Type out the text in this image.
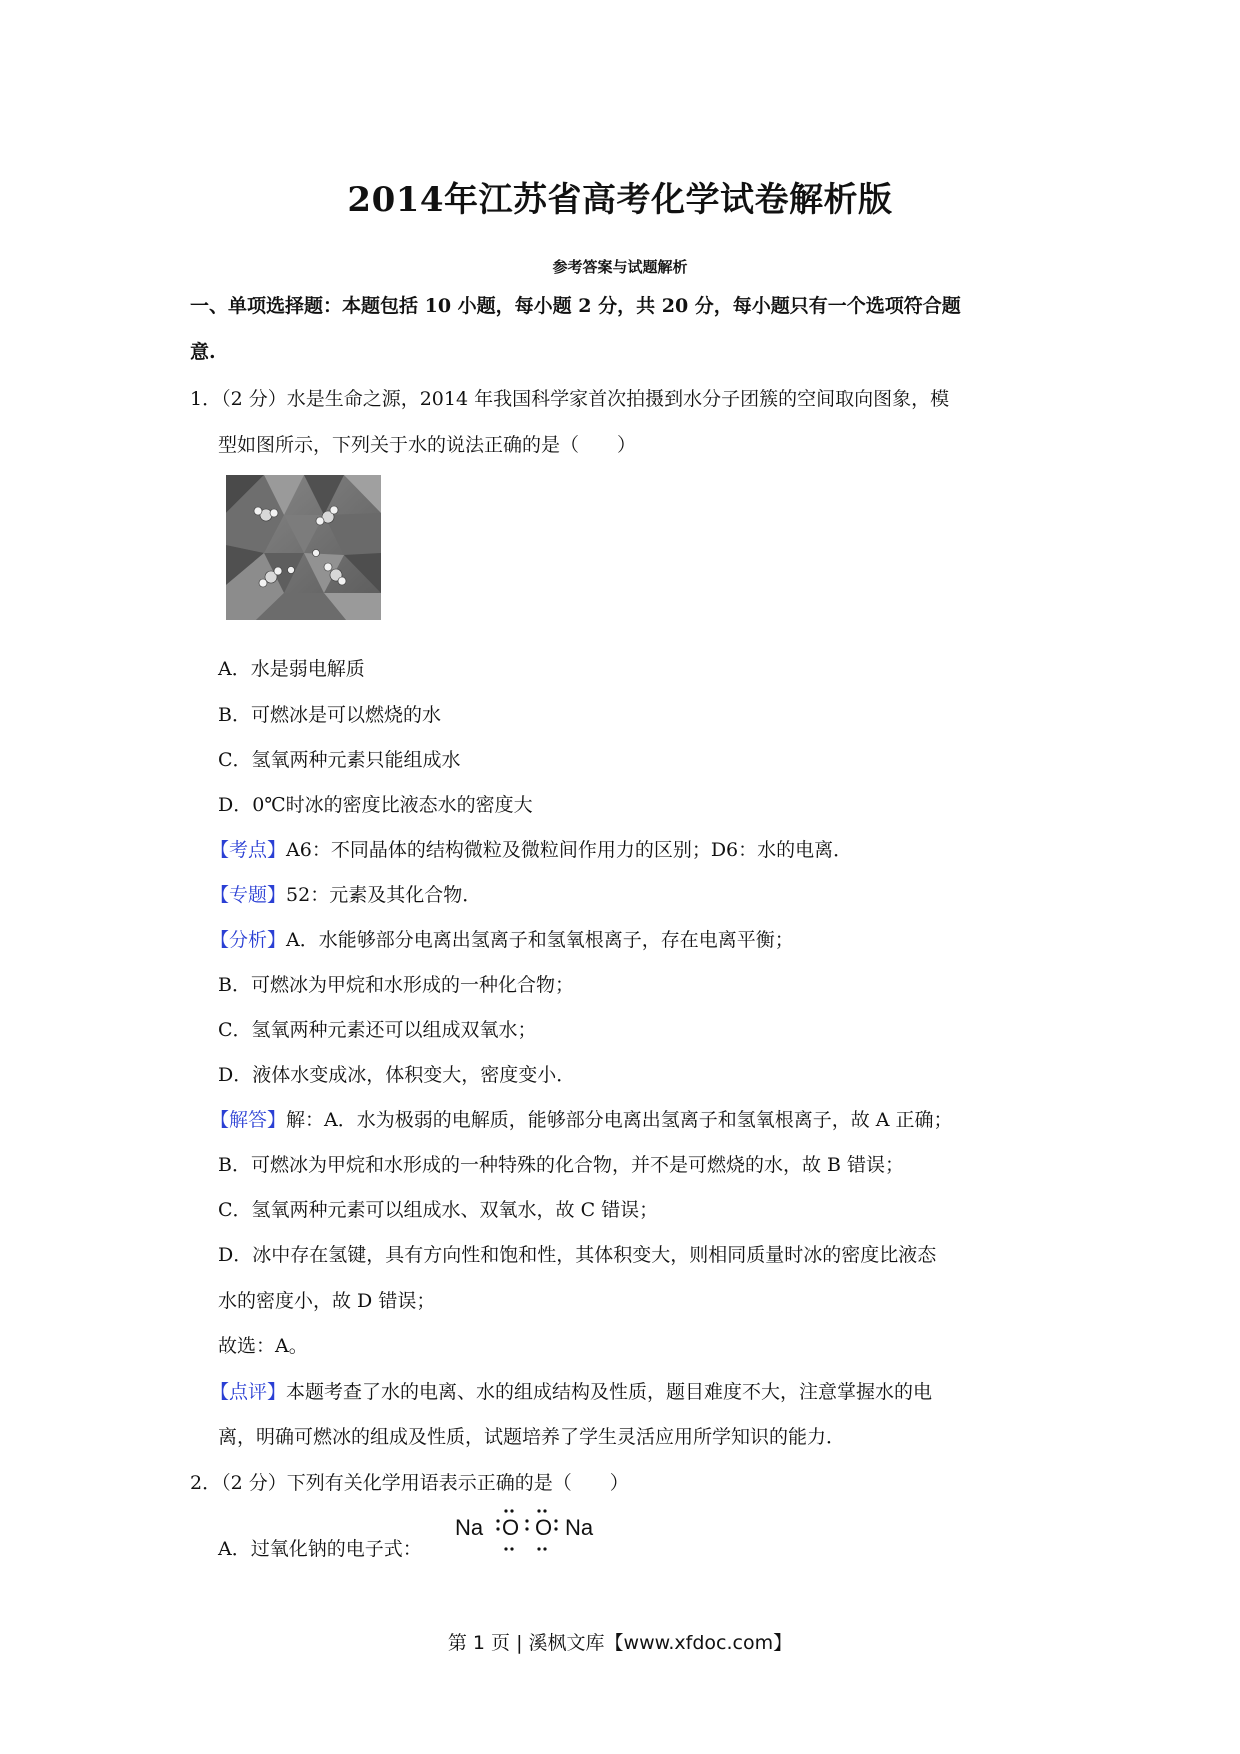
2014年江苏省高考化学试卷解析版
参考答案与试题解析
一、单项选择题：本题包括 10 小题，每小题 2 分，共 20 分，每小题只有一个选项符合题
意.
1．（2 分）水是生命之源，2014 年我国科学家首次拍摄到水分子团簇的空间取向图象，模
型如图所示，下列关于水的说法正确的是（　　）
A．水是弱电解质
B．可燃冰是可以燃烧的水
C．氢氧两种元素只能组成水
D．0℃时冰的密度比液态水的密度大
【考点】A6：不同晶体的结构微粒及微粒间作用力的区别；D6：水的电离．
【专题】52：元素及其化合物．
【分析】A．水能够部分电离出氢离子和氢氧根离子，存在电离平衡；
B．可燃冰为甲烷和水形成的一种化合物；
C．氢氧两种元素还可以组成双氧水；
D．液体水变成冰，体积变大，密度变小．
【解答】解：A．水为极弱的电解质，能够部分电离出氢离子和氢氧根离子，故 A 正确；
B．可燃冰为甲烷和水形成的一种特殊的化合物，并不是可燃烧的水，故 B 错误；
C．氢氧两种元素可以组成水、双氧水，故 C 错误；
D．冰中存在氢键，具有方向性和饱和性，其体积变大，则相同质量时冰的密度比液态
水的密度小，故 D 错误；
故选：A。
【点评】本题考查了水的电离、水的组成结构及性质，题目难度不大，注意掌握水的电
离，明确可燃冰的组成及性质，试题培养了学生灵活应用所学知识的能力．
2．（2 分）下列有关化学用语表示正确的是（　　）
A．过氧化钠的电子式：
Na O O Na
第 1 页 | 溪枫文库【www.xfdoc.com】
